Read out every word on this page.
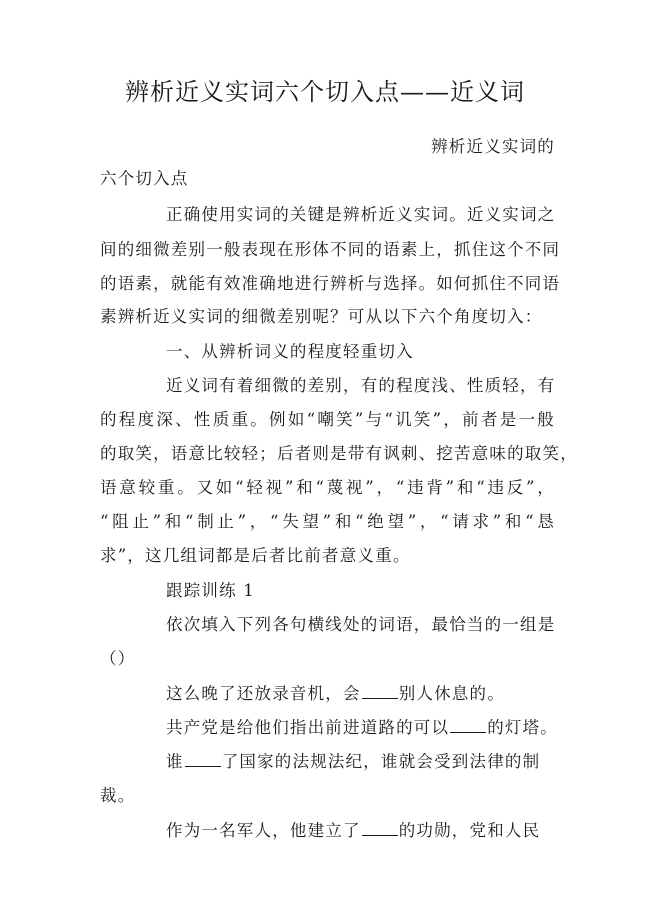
辨析近义实词六个切入点——近义词
辨析近义实词的
六个切入点
正确使用实词的关键是辨析近义实词。近义实词之
间的细微差别一般表现在形体不同的语素上，抓住这个不同
的语素，就能有效准确地进行辨析与选择。如何抓住不同语
素辨析近义实词的细微差别呢？可从以下六个角度切入：
一、从辨析词义的程度轻重切入
近义词有着细微的差别，有的程度浅、性质轻，有
的程度深、性质重。例如“嘲笑”与“讥笑”，前者是一般
的取笑，语意比较轻；后者则是带有讽刺、挖苦意味的取笑，
语意较重。又如“轻视”和“蔑视”，“违背”和“违反”，
“阻止”和“制止”，“失望”和“绝望”，“请求”和“恳
求”，这几组词都是后者比前者意义重。
跟踪训练 1
依次填入下列各句横线处的词语，最恰当的一组是
（）
这么晚了还放录音机，会 别人休息的。
共产党是给他们指出前进道路的可以 的灯塔。
谁 了国家的法规法纪，谁就会受到法律的制
裁。
作为一名军人，他建立了 的功勋，党和人民
